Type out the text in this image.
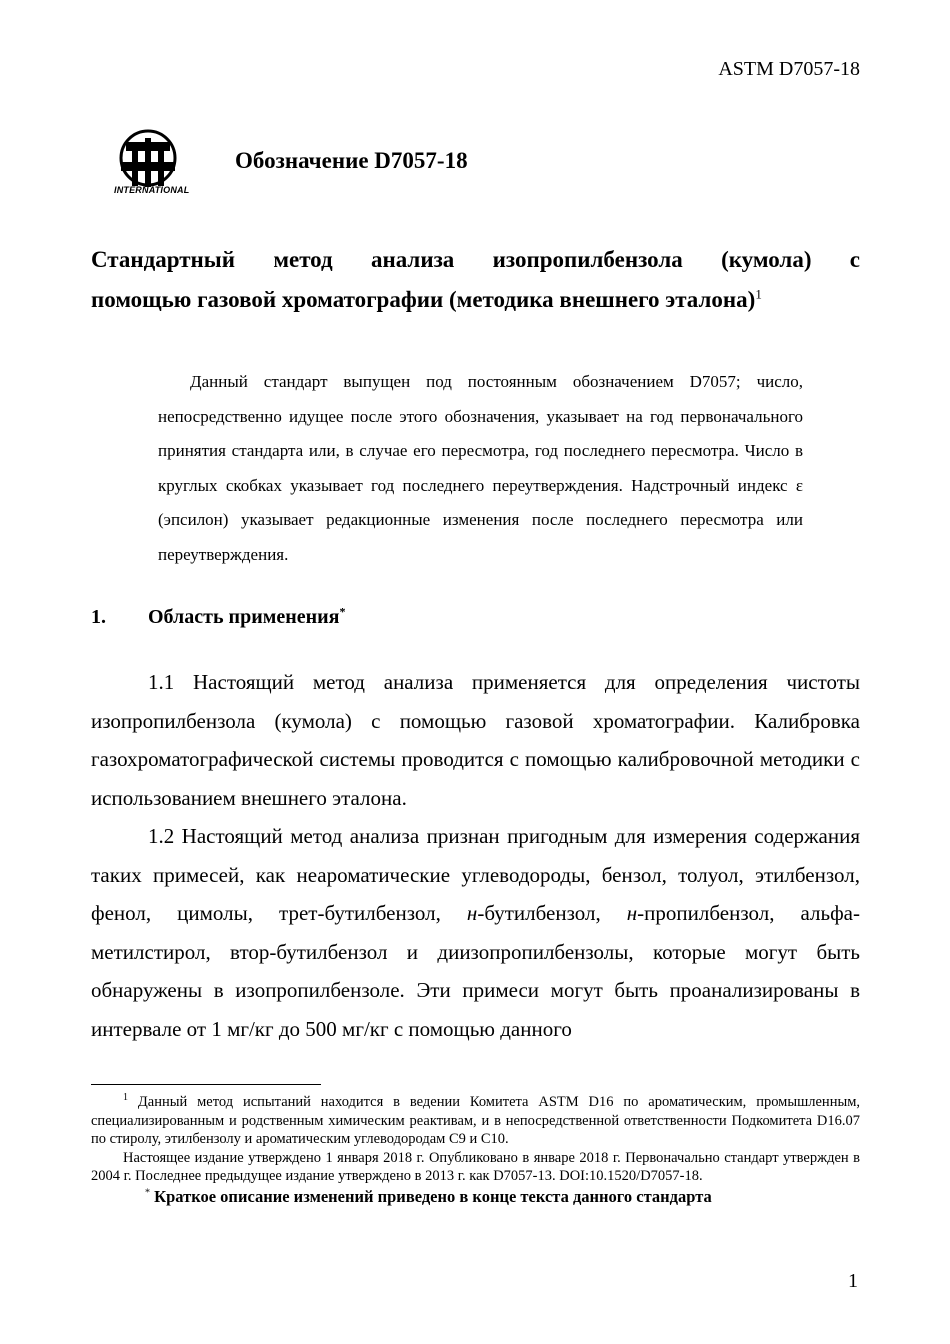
ASTM D7057-18
INTERNATIONAL
Обозначение D7057-18
Стандартный метод анализа изопропилбензола (кумола) с
помощью газовой хроматографии (методика внешнего эталона)$^1$
Данный стандарт выпущен под постоянным обозначением D7057; число, непосредственно идущее после этого обозначения, указывает на год первоначального принятия стандарта или, в случае его пересмотра, год последнего пересмотра. Число в круглых скобках указывает год последнего переутверждения. Надстрочный индекс ε (эпсилон) указывает редакционные изменения после последнего пересмотра или переутверждения.
1. Область применения*
1.1 Настоящий метод анализа применяется для определения чистоты изопропилбензола (кумола) с помощью газовой хроматографии. Калибровка газохроматографической системы проводится с помощью калибровочной методики с использованием внешнего эталона.
1.2 Настоящий метод анализа признан пригодным для измерения содержания таких примесей, как неароматические углеводороды, бензол, толуол, этилбензол, фенол, цимолы, трет-бутилбензол, н-бутилбензол, н-пропилбензол, альфа-метилстирол, втор-бутилбензол и диизопропилбензолы, которые могут быть обнаружены в изопропилбензоле. Эти примеси могут быть проанализированы в интервале от 1 мг/кг до 500 мг/кг с помощью данного

$^1$ Данный метод испытаний находится в ведении Комитета ASTM D16 по ароматическим, промышленным, специализированным и родственным химическим реактивам, и в непосредственной ответственности Подкомитета D16.07 по стиролу, этилбензолу и ароматическим углеводородам C9 и C10.

Настоящее издание утверждено 1 января 2018 г. Опубликовано в январе 2018 г. Первоначально стандарт утвержден в 2004 г. Последнее предыдущее издание утверждено в 2013 г. как D7057-13. DOI:10.1520/D7057-18.

* Краткое описание изменений приведено в конце текста данного стандарта
1
